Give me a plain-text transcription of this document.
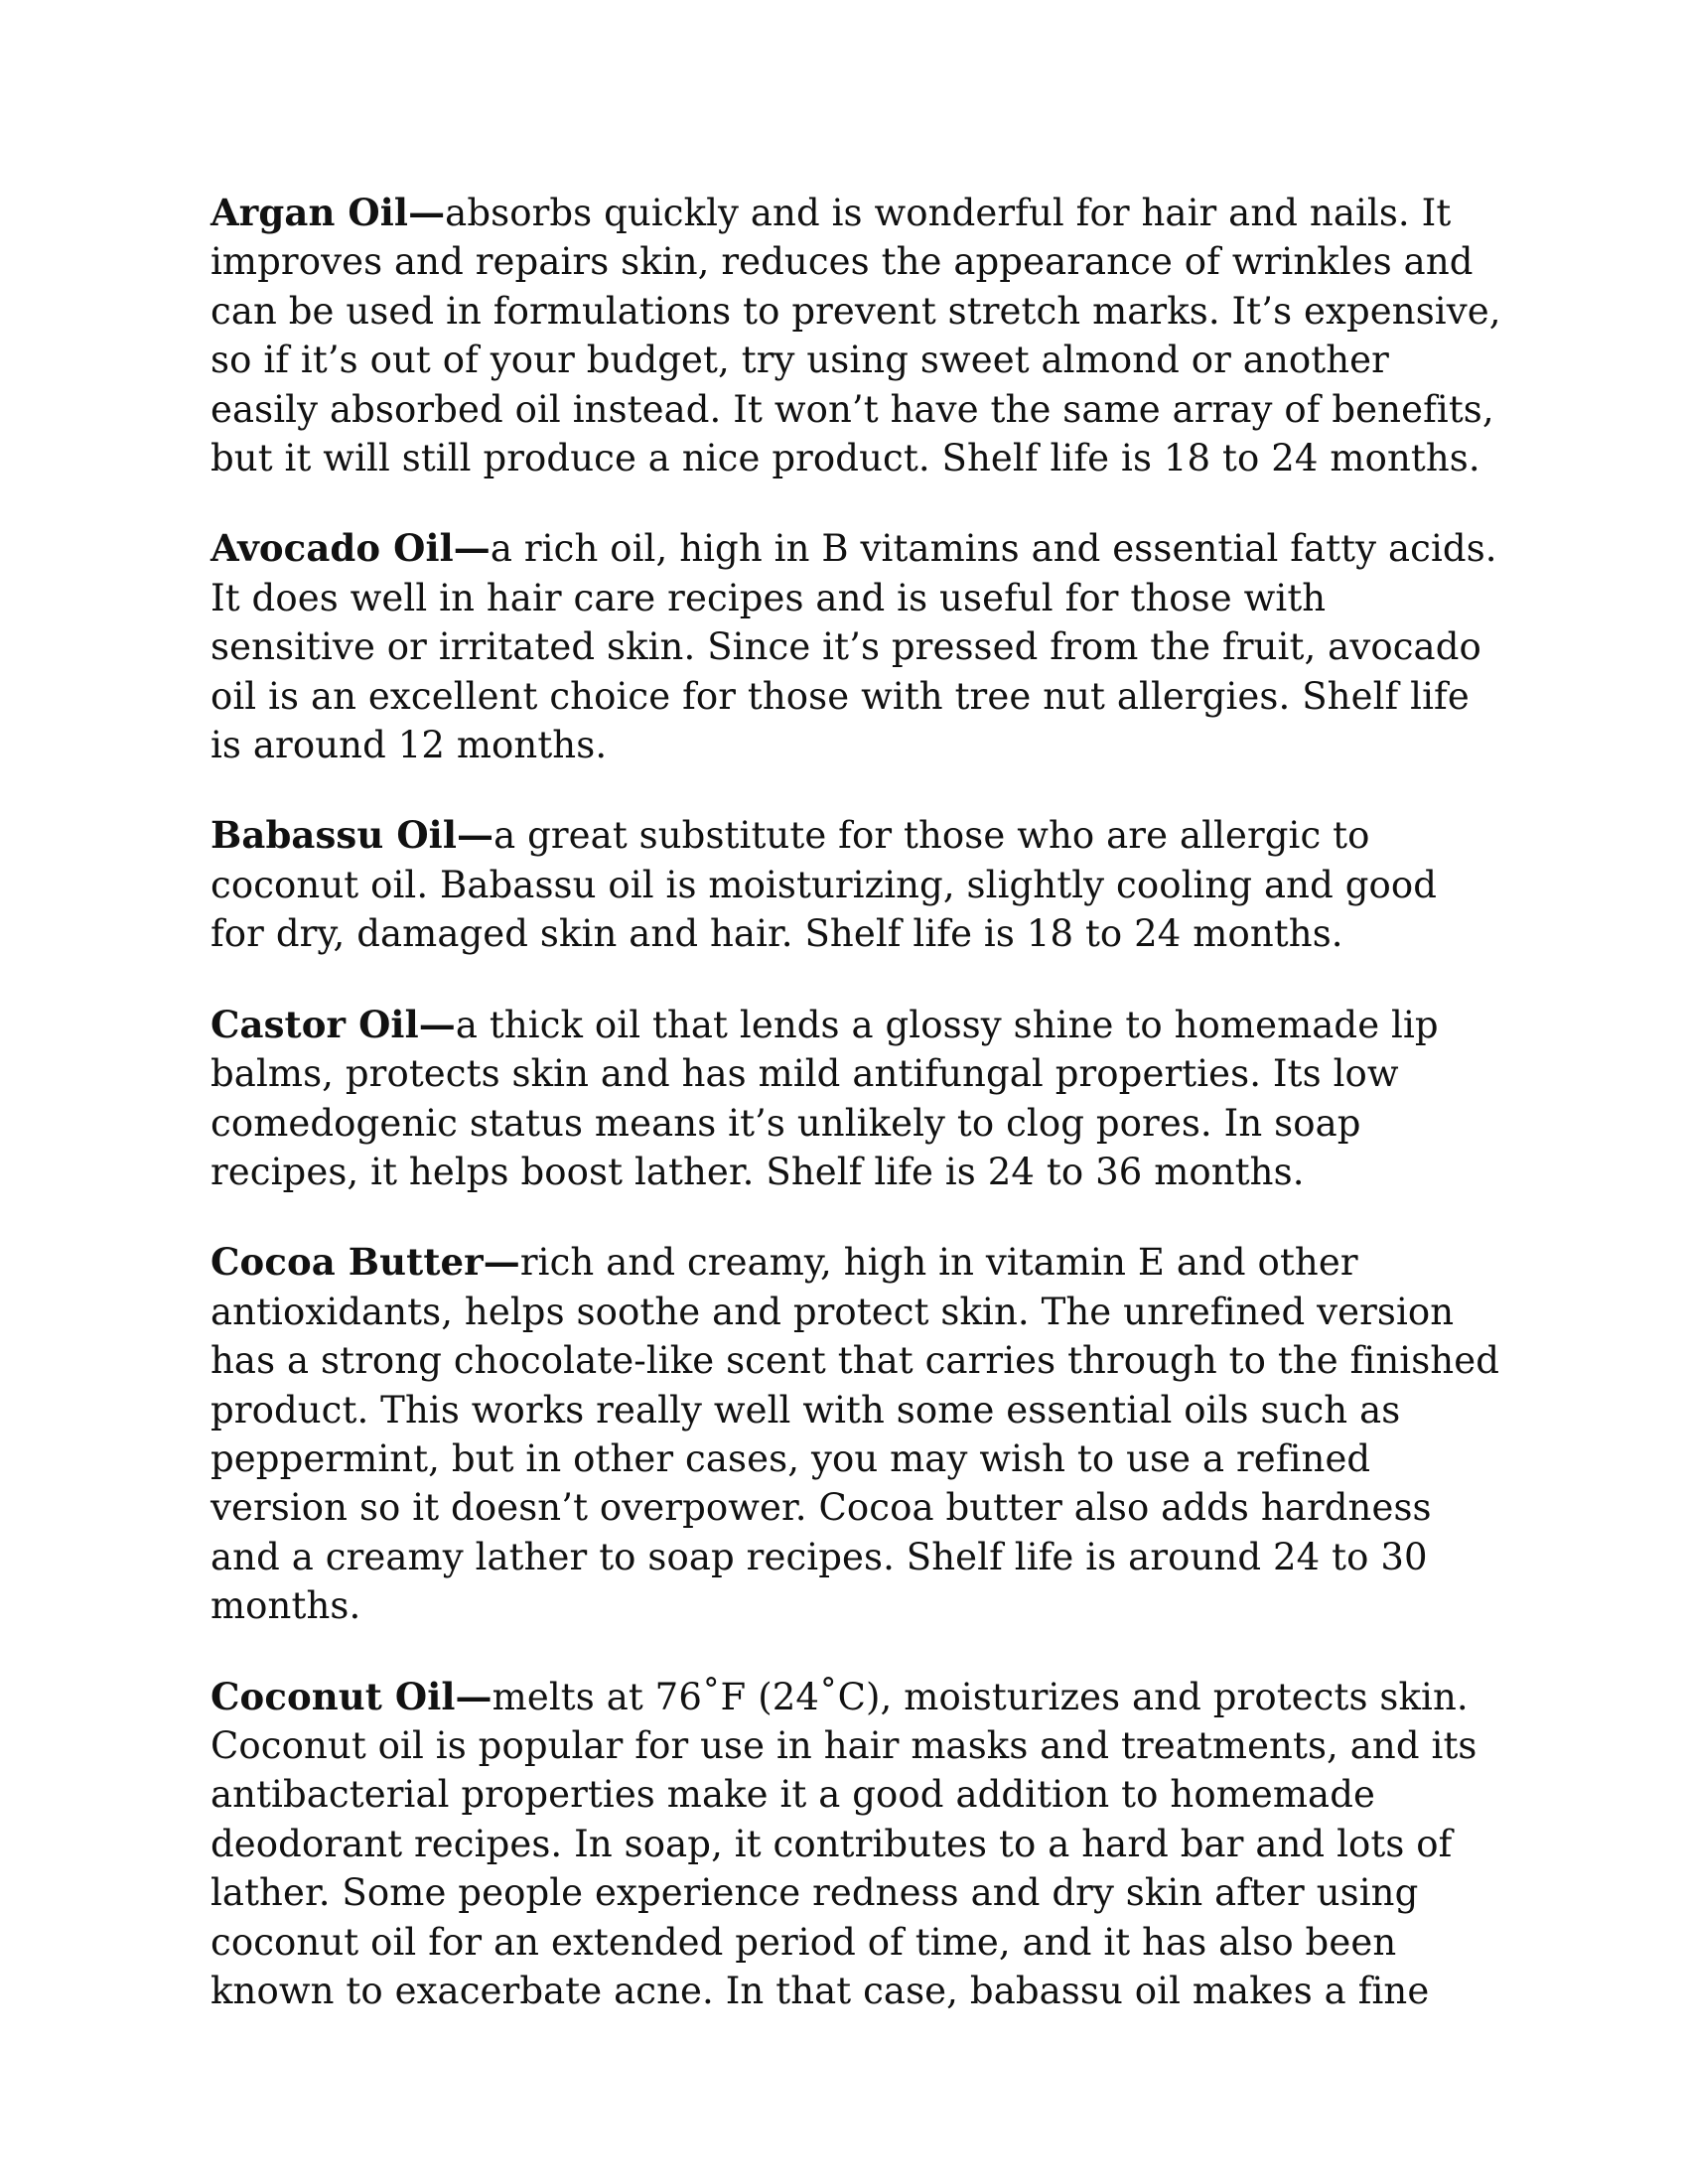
Argan Oil—absorbs quickly and is wonderful for hair and nails. It improves and repairs skin, reduces the appearance of wrinkles and can be used in formulations to prevent stretch marks. It’s expensive, so if it’s out of your budget, try using sweet almond or another easily absorbed oil instead. It won’t have the same array of benefits, but it will still produce a nice product. Shelf life is 18 to 24 months.

Avocado Oil—a rich oil, high in B vitamins and essential fatty acids. It does well in hair care recipes and is useful for those with sensitive or irritated skin. Since it’s pressed from the fruit, avocado oil is an excellent choice for those with tree nut allergies. Shelf life is around 12 months.

Babassu Oil—a great substitute for those who are allergic to coconut oil. Babassu oil is moisturizing, slightly cooling and good for dry, damaged skin and hair. Shelf life is 18 to 24 months.

Castor Oil—a thick oil that lends a glossy shine to homemade lip balms, protects skin and has mild antifungal properties. Its low comedogenic status means it’s unlikely to clog pores. In soap recipes, it helps boost lather. Shelf life is 24 to 36 months.

Cocoa Butter—rich and creamy, high in vitamin E and other antioxidants, helps soothe and protect skin. The unrefined version has a strong chocolate-like scent that carries through to the finished product. This works really well with some essential oils such as peppermint, but in other cases, you may wish to use a refined version so it doesn’t overpower. Cocoa butter also adds hardness and a creamy lather to soap recipes. Shelf life is around 24 to 30 months.

Coconut Oil—melts at 76˚F (24˚C), moisturizes and protects skin. Coconut oil is popular for use in hair masks and treatments, and its antibacterial properties make it a good addition to homemade deodorant recipes. In soap, it contributes to a hard bar and lots of lather. Some people experience redness and dry skin after using coconut oil for an extended period of time, and it has also been known to exacerbate acne. In that case, babassu oil makes a fine
